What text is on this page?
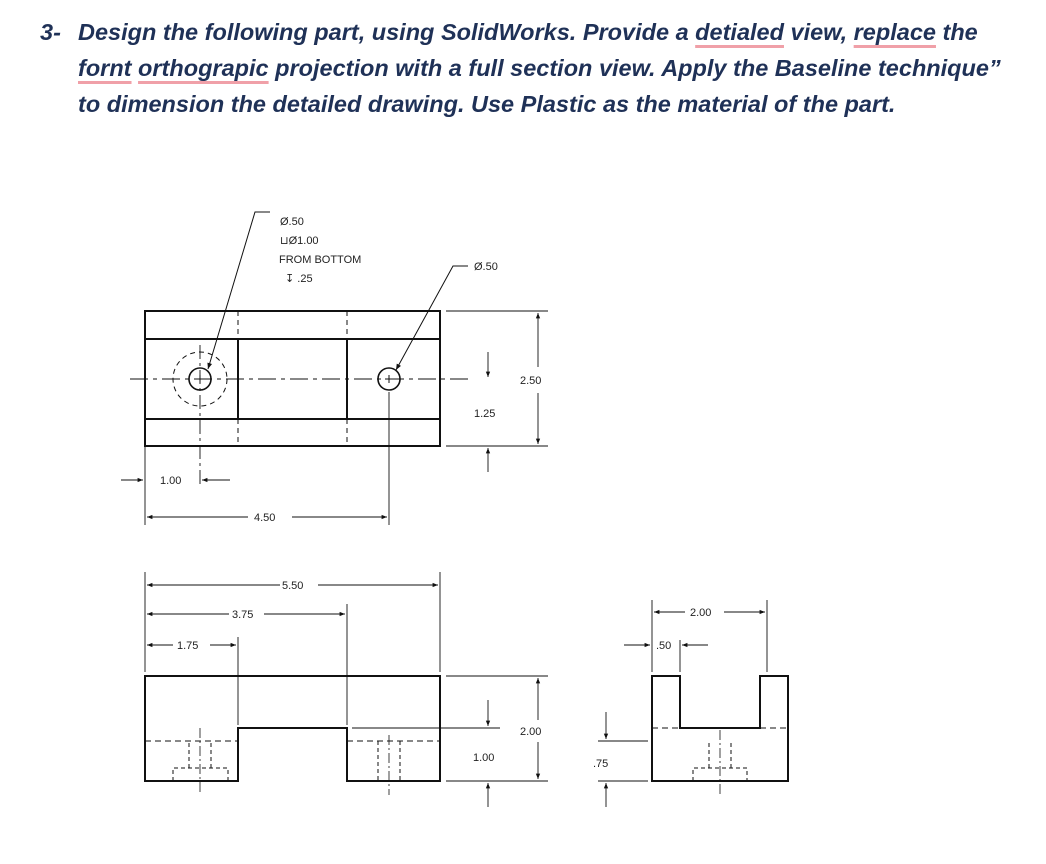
3- Design the following part, using SolidWorks. Provide a detialed view, replace the fornt orthograpic projection with a full section view. Apply the Baseline technique” to dimension the detailed drawing. Use Plastic as the material of the part.
Ø.50
⊔Ø1.00
FROM BOTTOM
↧ .25
Ø.50
2.50
1.25
1.00
4.50
5.50
3.75
1.75
2.00
1.00
2.00
.50
.75
